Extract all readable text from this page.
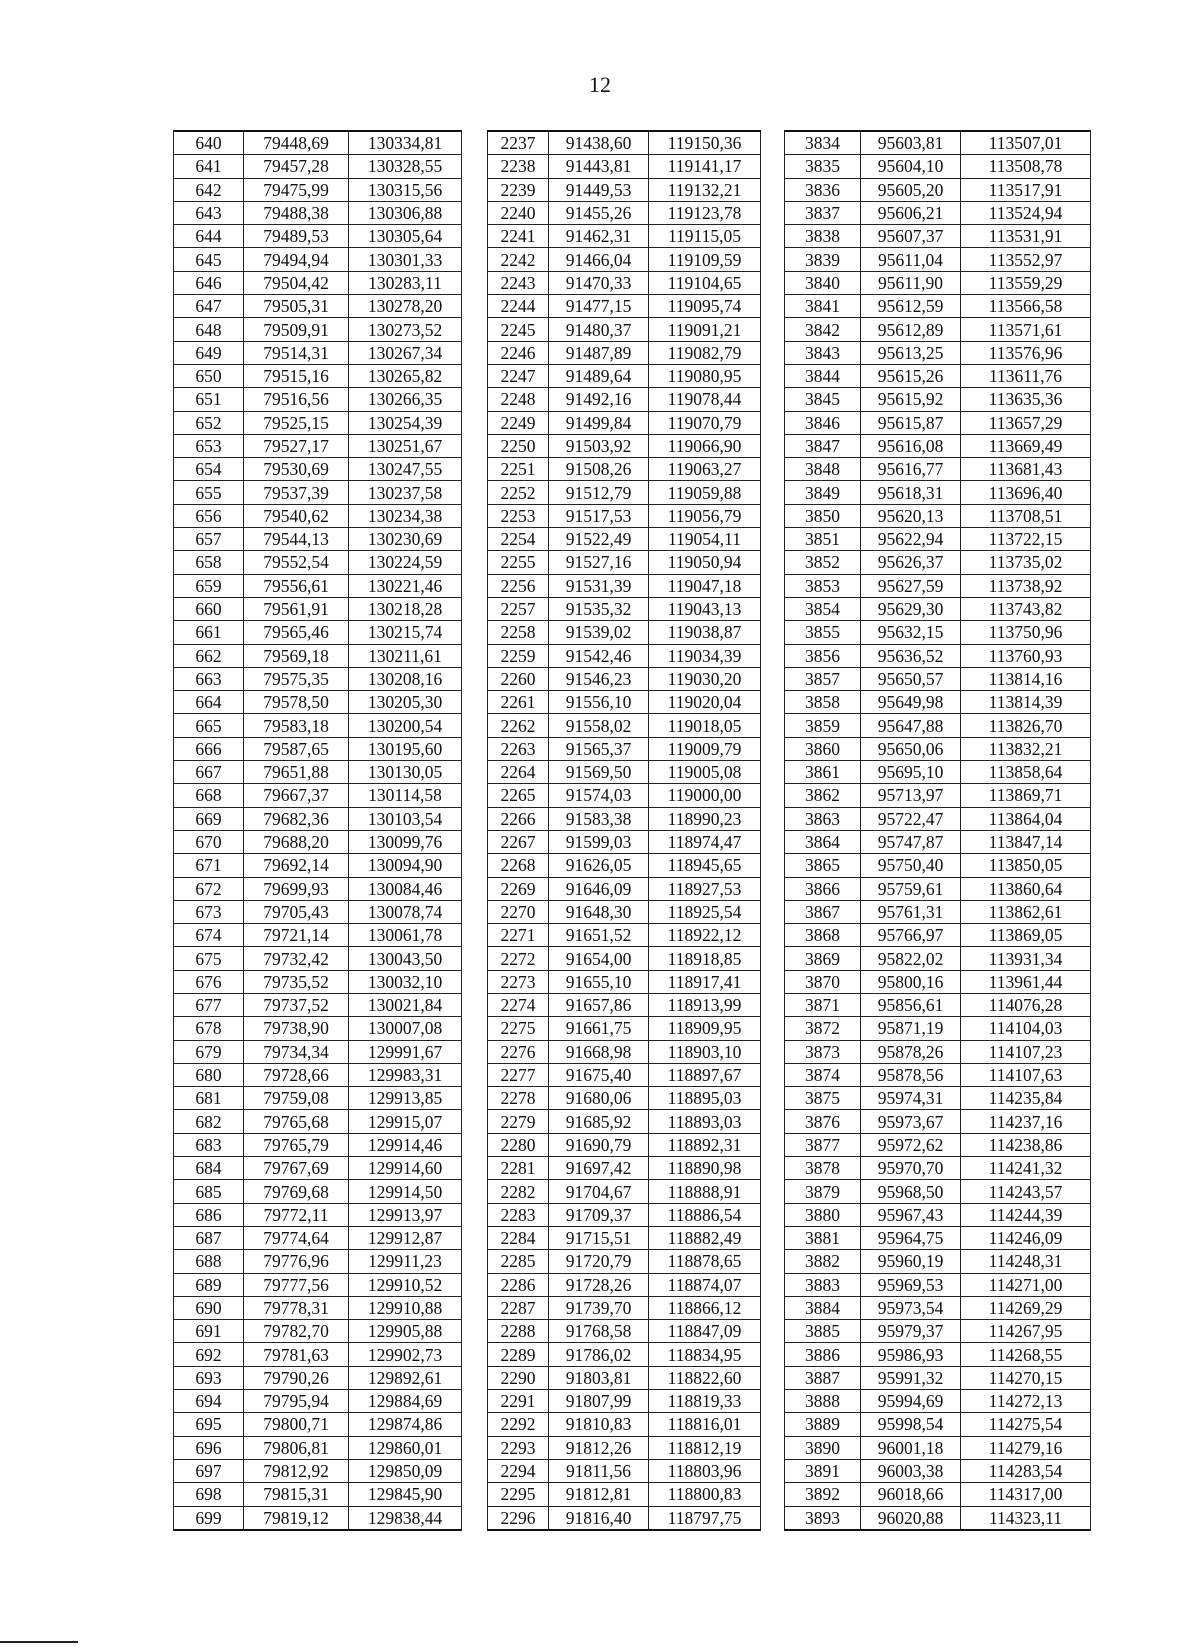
12
640	79448,69	130334,81		2237	91438,60	119150,36		3834	95603,81	113507,01
641	79457,28	130328,55		2238	91443,81	119141,17		3835	95604,10	113508,78
642	79475,99	130315,56		2239	91449,53	119132,21		3836	95605,20	113517,91
643	79488,38	130306,88		2240	91455,26	119123,78		3837	95606,21	113524,94
644	79489,53	130305,64		2241	91462,31	119115,05		3838	95607,37	113531,91
645	79494,94	130301,33		2242	91466,04	119109,59		3839	95611,04	113552,97
646	79504,42	130283,11		2243	91470,33	119104,65		3840	95611,90	113559,29
647	79505,31	130278,20		2244	91477,15	119095,74		3841	95612,59	113566,58
648	79509,91	130273,52		2245	91480,37	119091,21		3842	95612,89	113571,61
649	79514,31	130267,34		2246	91487,89	119082,79		3843	95613,25	113576,96
650	79515,16	130265,82		2247	91489,64	119080,95		3844	95615,26	113611,76
651	79516,56	130266,35		2248	91492,16	119078,44		3845	95615,92	113635,36
652	79525,15	130254,39		2249	91499,84	119070,79		3846	95615,87	113657,29
653	79527,17	130251,67		2250	91503,92	119066,90		3847	95616,08	113669,49
654	79530,69	130247,55		2251	91508,26	119063,27		3848	95616,77	113681,43
655	79537,39	130237,58		2252	91512,79	119059,88		3849	95618,31	113696,40
656	79540,62	130234,38		2253	91517,53	119056,79		3850	95620,13	113708,51
657	79544,13	130230,69		2254	91522,49	119054,11		3851	95622,94	113722,15
658	79552,54	130224,59		2255	91527,16	119050,94		3852	95626,37	113735,02
659	79556,61	130221,46		2256	91531,39	119047,18		3853	95627,59	113738,92
660	79561,91	130218,28		2257	91535,32	119043,13		3854	95629,30	113743,82
661	79565,46	130215,74		2258	91539,02	119038,87		3855	95632,15	113750,96
662	79569,18	130211,61		2259	91542,46	119034,39		3856	95636,52	113760,93
663	79575,35	130208,16		2260	91546,23	119030,20		3857	95650,57	113814,16
664	79578,50	130205,30		2261	91556,10	119020,04		3858	95649,98	113814,39
665	79583,18	130200,54		2262	91558,02	119018,05		3859	95647,88	113826,70
666	79587,65	130195,60		2263	91565,37	119009,79		3860	95650,06	113832,21
667	79651,88	130130,05		2264	91569,50	119005,08		3861	95695,10	113858,64
668	79667,37	130114,58		2265	91574,03	119000,00		3862	95713,97	113869,71
669	79682,36	130103,54		2266	91583,38	118990,23		3863	95722,47	113864,04
670	79688,20	130099,76		2267	91599,03	118974,47		3864	95747,87	113847,14
671	79692,14	130094,90		2268	91626,05	118945,65		3865	95750,40	113850,05
672	79699,93	130084,46		2269	91646,09	118927,53		3866	95759,61	113860,64
673	79705,43	130078,74		2270	91648,30	118925,54		3867	95761,31	113862,61
674	79721,14	130061,78		2271	91651,52	118922,12		3868	95766,97	113869,05
675	79732,42	130043,50		2272	91654,00	118918,85		3869	95822,02	113931,34
676	79735,52	130032,10		2273	91655,10	118917,41		3870	95800,16	113961,44
677	79737,52	130021,84		2274	91657,86	118913,99		3871	95856,61	114076,28
678	79738,90	130007,08		2275	91661,75	118909,95		3872	95871,19	114104,03
679	79734,34	129991,67		2276	91668,98	118903,10		3873	95878,26	114107,23
680	79728,66	129983,31		2277	91675,40	118897,67		3874	95878,56	114107,63
681	79759,08	129913,85		2278	91680,06	118895,03		3875	95974,31	114235,84
682	79765,68	129915,07		2279	91685,92	118893,03		3876	95973,67	114237,16
683	79765,79	129914,46		2280	91690,79	118892,31		3877	95972,62	114238,86
684	79767,69	129914,60		2281	91697,42	118890,98		3878	95970,70	114241,32
685	79769,68	129914,50		2282	91704,67	118888,91		3879	95968,50	114243,57
686	79772,11	129913,97		2283	91709,37	118886,54		3880	95967,43	114244,39
687	79774,64	129912,87		2284	91715,51	118882,49		3881	95964,75	114246,09
688	79776,96	129911,23		2285	91720,79	118878,65		3882	95960,19	114248,31
689	79777,56	129910,52		2286	91728,26	118874,07		3883	95969,53	114271,00
690	79778,31	129910,88		2287	91739,70	118866,12		3884	95973,54	114269,29
691	79782,70	129905,88		2288	91768,58	118847,09		3885	95979,37	114267,95
692	79781,63	129902,73		2289	91786,02	118834,95		3886	95986,93	114268,55
693	79790,26	129892,61		2290	91803,81	118822,60		3887	95991,32	114270,15
694	79795,94	129884,69		2291	91807,99	118819,33		3888	95994,69	114272,13
695	79800,71	129874,86		2292	91810,83	118816,01		3889	95998,54	114275,54
696	79806,81	129860,01		2293	91812,26	118812,19		3890	96001,18	114279,16
697	79812,92	129850,09		2294	91811,56	118803,96		3891	96003,38	114283,54
698	79815,31	129845,90		2295	91812,81	118800,83		3892	96018,66	114317,00
699	79819,12	129838,44		2296	91816,40	118797,75		3893	96020,88	114323,11
